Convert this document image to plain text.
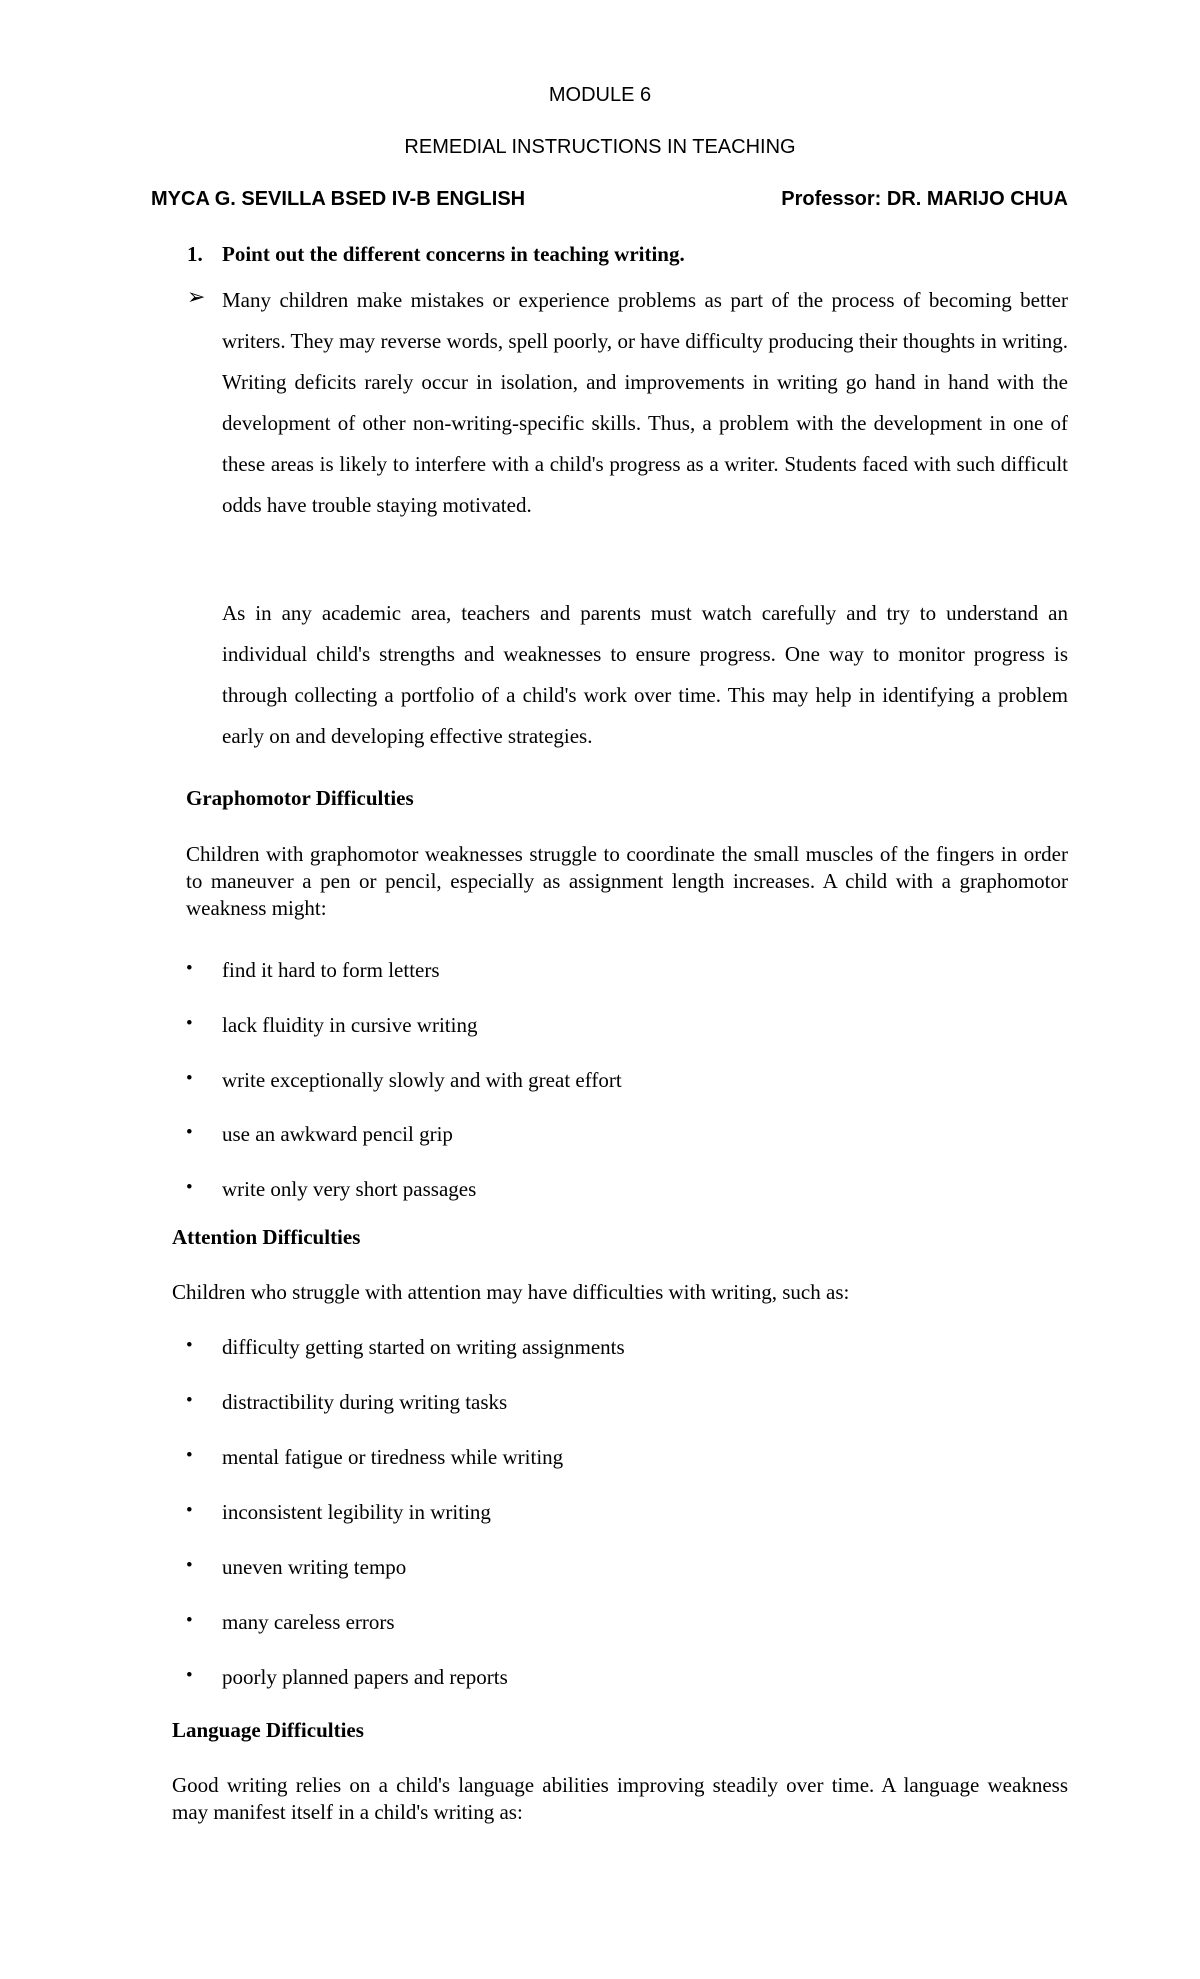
MODULE 6
REMEDIAL INSTRUCTIONS IN TEACHING
MYCA G. SEVILLA BSED IV-B ENGLISH	Professor: DR. MARIJO CHUA
1. Point out the different concerns in teaching writing.
➢ Many children make mistakes or experience problems as part of the process of becoming better writers. They may reverse words, spell poorly, or have difficulty producing their thoughts in writing. Writing deficits rarely occur in isolation, and improvements in writing go hand in hand with the development of other non-writing-specific skills. Thus, a problem with the development in one of these areas is likely to interfere with a child's progress as a writer. Students faced with such difficult odds have trouble staying motivated.
As in any academic area, teachers and parents must watch carefully and try to understand an individual child's strengths and weaknesses to ensure progress. One way to monitor progress is through collecting a portfolio of a child's work over time. This may help in identifying a problem early on and developing effective strategies.
Graphomotor Difficulties
Children with graphomotor weaknesses struggle to coordinate the small muscles of the fingers in order to maneuver a pen or pencil, especially as assignment length increases. A child with a graphomotor weakness might:
• find it hard to form letters
• lack fluidity in cursive writing
• write exceptionally slowly and with great effort
• use an awkward pencil grip
• write only very short passages
Attention Difficulties
Children who struggle with attention may have difficulties with writing, such as:
• difficulty getting started on writing assignments
• distractibility during writing tasks
• mental fatigue or tiredness while writing
• inconsistent legibility in writing
• uneven writing tempo
• many careless errors
• poorly planned papers and reports
Language Difficulties
Good writing relies on a child's language abilities improving steadily over time. A language weakness may manifest itself in a child's writing as:
